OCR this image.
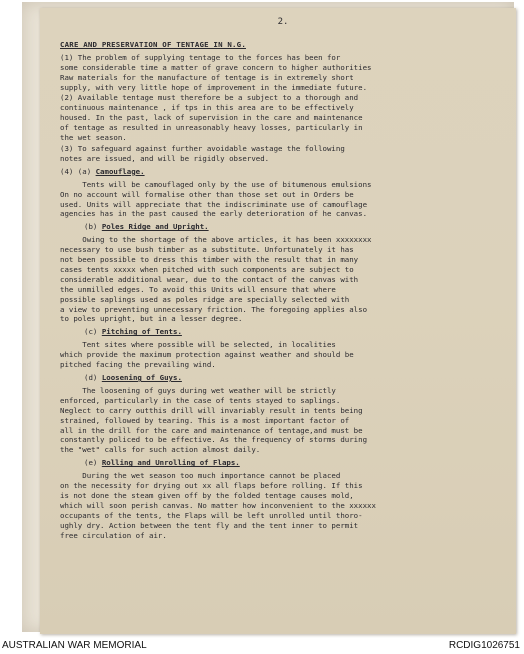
2.
CARE AND PRESERVATION OF TENTAGE IN N.G.
(1) The problem of supplying tentage to the forces has been for
some considerable time a matter of grave concern to higher authorities
Raw materials for the manufacture of tentage is in extremely short
supply, with very little hope of improvement in the immediate future.
(2) Available tentage must therefore be a subject to a thorough and
continuous maintenance , if tps in this area are to be effectively
housed. In the past, lack of supervision in the care and maintenance
of tentage as resulted in unreasonably heavy losses, particularly in
the wet season.
(3) To safeguard against further avoidable wastage the following
notes are issued, and will be rigidly observed.
(4) (a) Camouflage.
Tents will be camouflaged only by the use of bitumenous emulsions
On no account will formalise other than those set out in Orders be
used. Units will appreciate that the indiscriminate use of camouflage
agencies has in the past caused the early deterioration of he canvas.
(b) Poles Ridge and Upright.
Owing to the shortage of the above articles, it has been xxxxxxxx
necessary to use bush timber as a substitute. Unfortunately it has
not been possible to dress this timber with the result that in many
cases tents xxxxx when pitched with such components are subject to
considerable additional wear, due to the contact of the canvas with
the unmilled edges. To avoid this Units will ensure that where
possible saplings used as poles ridge are specially selected with
a view to preventing unnecessary friction. The foregoing applies also
to poles upright, but in a lesser degree.
(c) Pitching of Tents.
Tent sites where possible will be selected, in localities
which provide the maximum protection against weather and should be
pitched facing the prevailing wind.
(d) Loosening of Guys.
The loosening of guys during wet weather will be strictly
enforced, particularly in the case of tents stayed to saplings.
Neglect to carry outthis drill will invariably result in tents being
strained, followed by tearing. This is a most important factor of
all in the drill for the care and maintenance of tentage,and must be
constantly policed to be effective. As the frequency of storms during
the "wet" calls for such action almost daily.
(e) Rolling and Unrolling of Flaps.
During the wet season too much importance cannot be placed
on the necessity for drying out xx all flaps before rolling. If this
is not done the steam given off by the folded tentage causes mold,
which will soon perish canvas. No matter how inconvenient to the xxxxxx
occupants of the tents, the Flaps will be left unrolled until thoro-
ughly dry. Action between the tent fly and the tent inner to permit
free circulation of air.
AUSTRALIAN WAR MEMORIAL	RCDIG1026751
